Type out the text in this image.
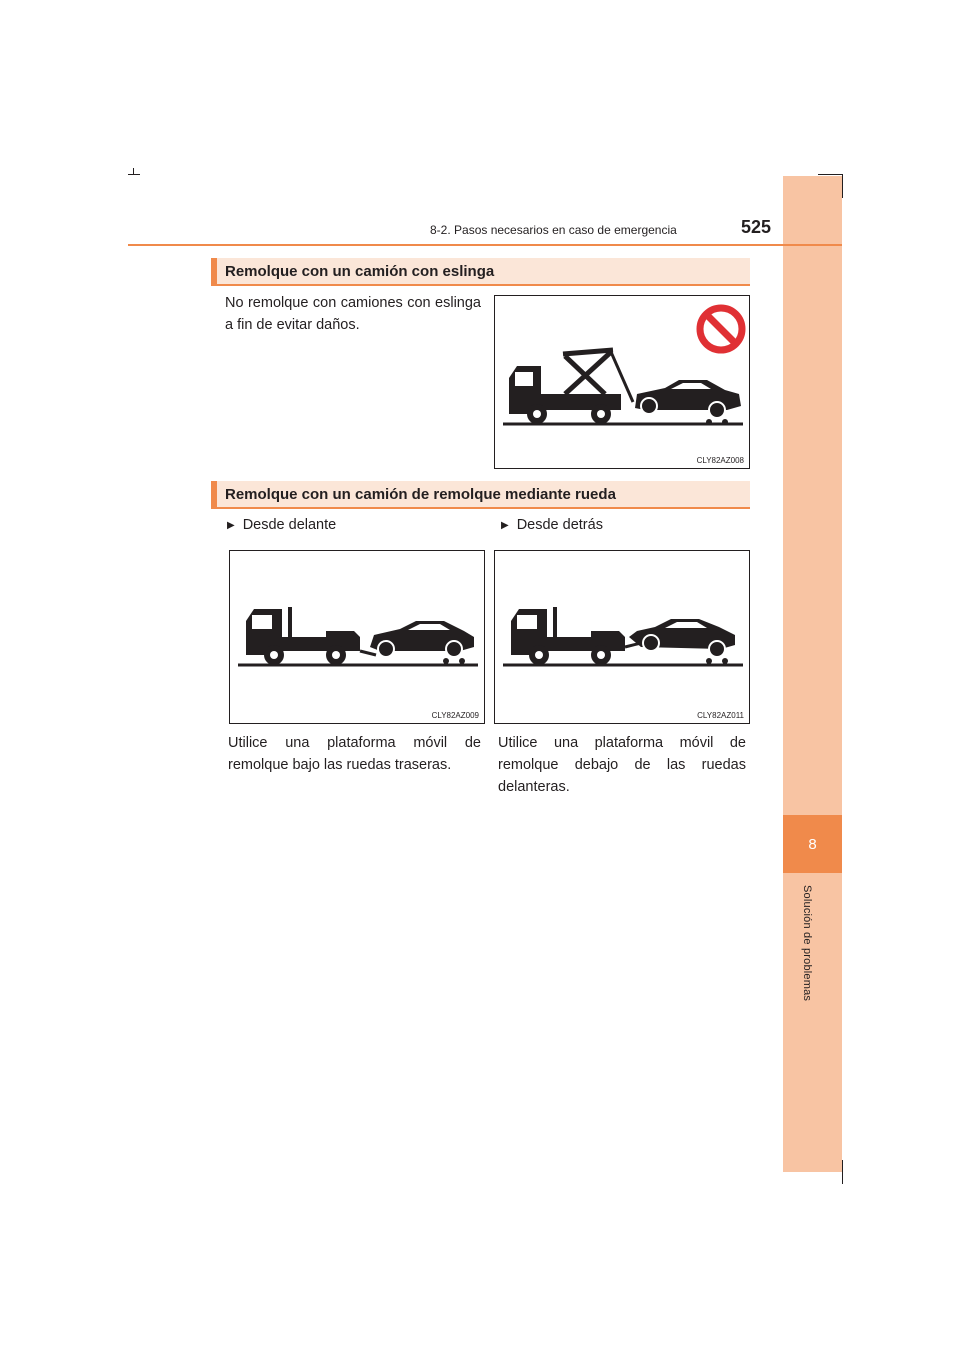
8
Solución de problemas
8-2. Pasos necesarios en caso de emergencia	525
Remolque con un camión con eslinga
No remolque con camiones con eslinga a fin de evitar daños.
CLY82AZ008
Remolque con un camión de remolque mediante rueda
▶ Desde delante	▶ Desde detrás
CLY82AZ009	CLY82AZ011
Utilice una plataforma móvil de remolque bajo las ruedas traseras.
Utilice una plataforma móvil de remolque debajo de las ruedas delanteras.
